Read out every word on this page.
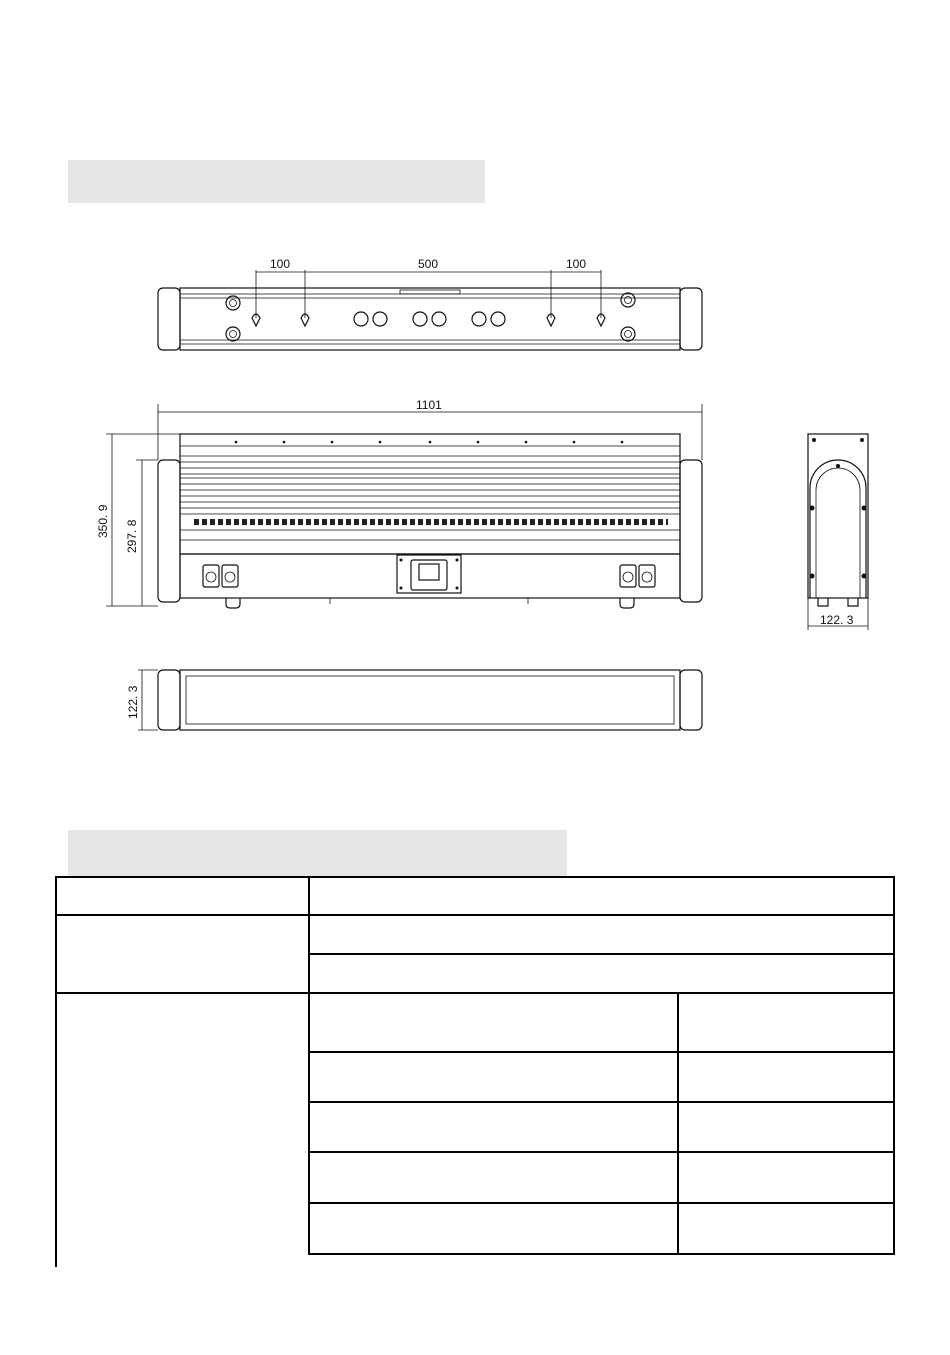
100	500	100
1101
350. 9 297. 8
122. 3
122. 3
